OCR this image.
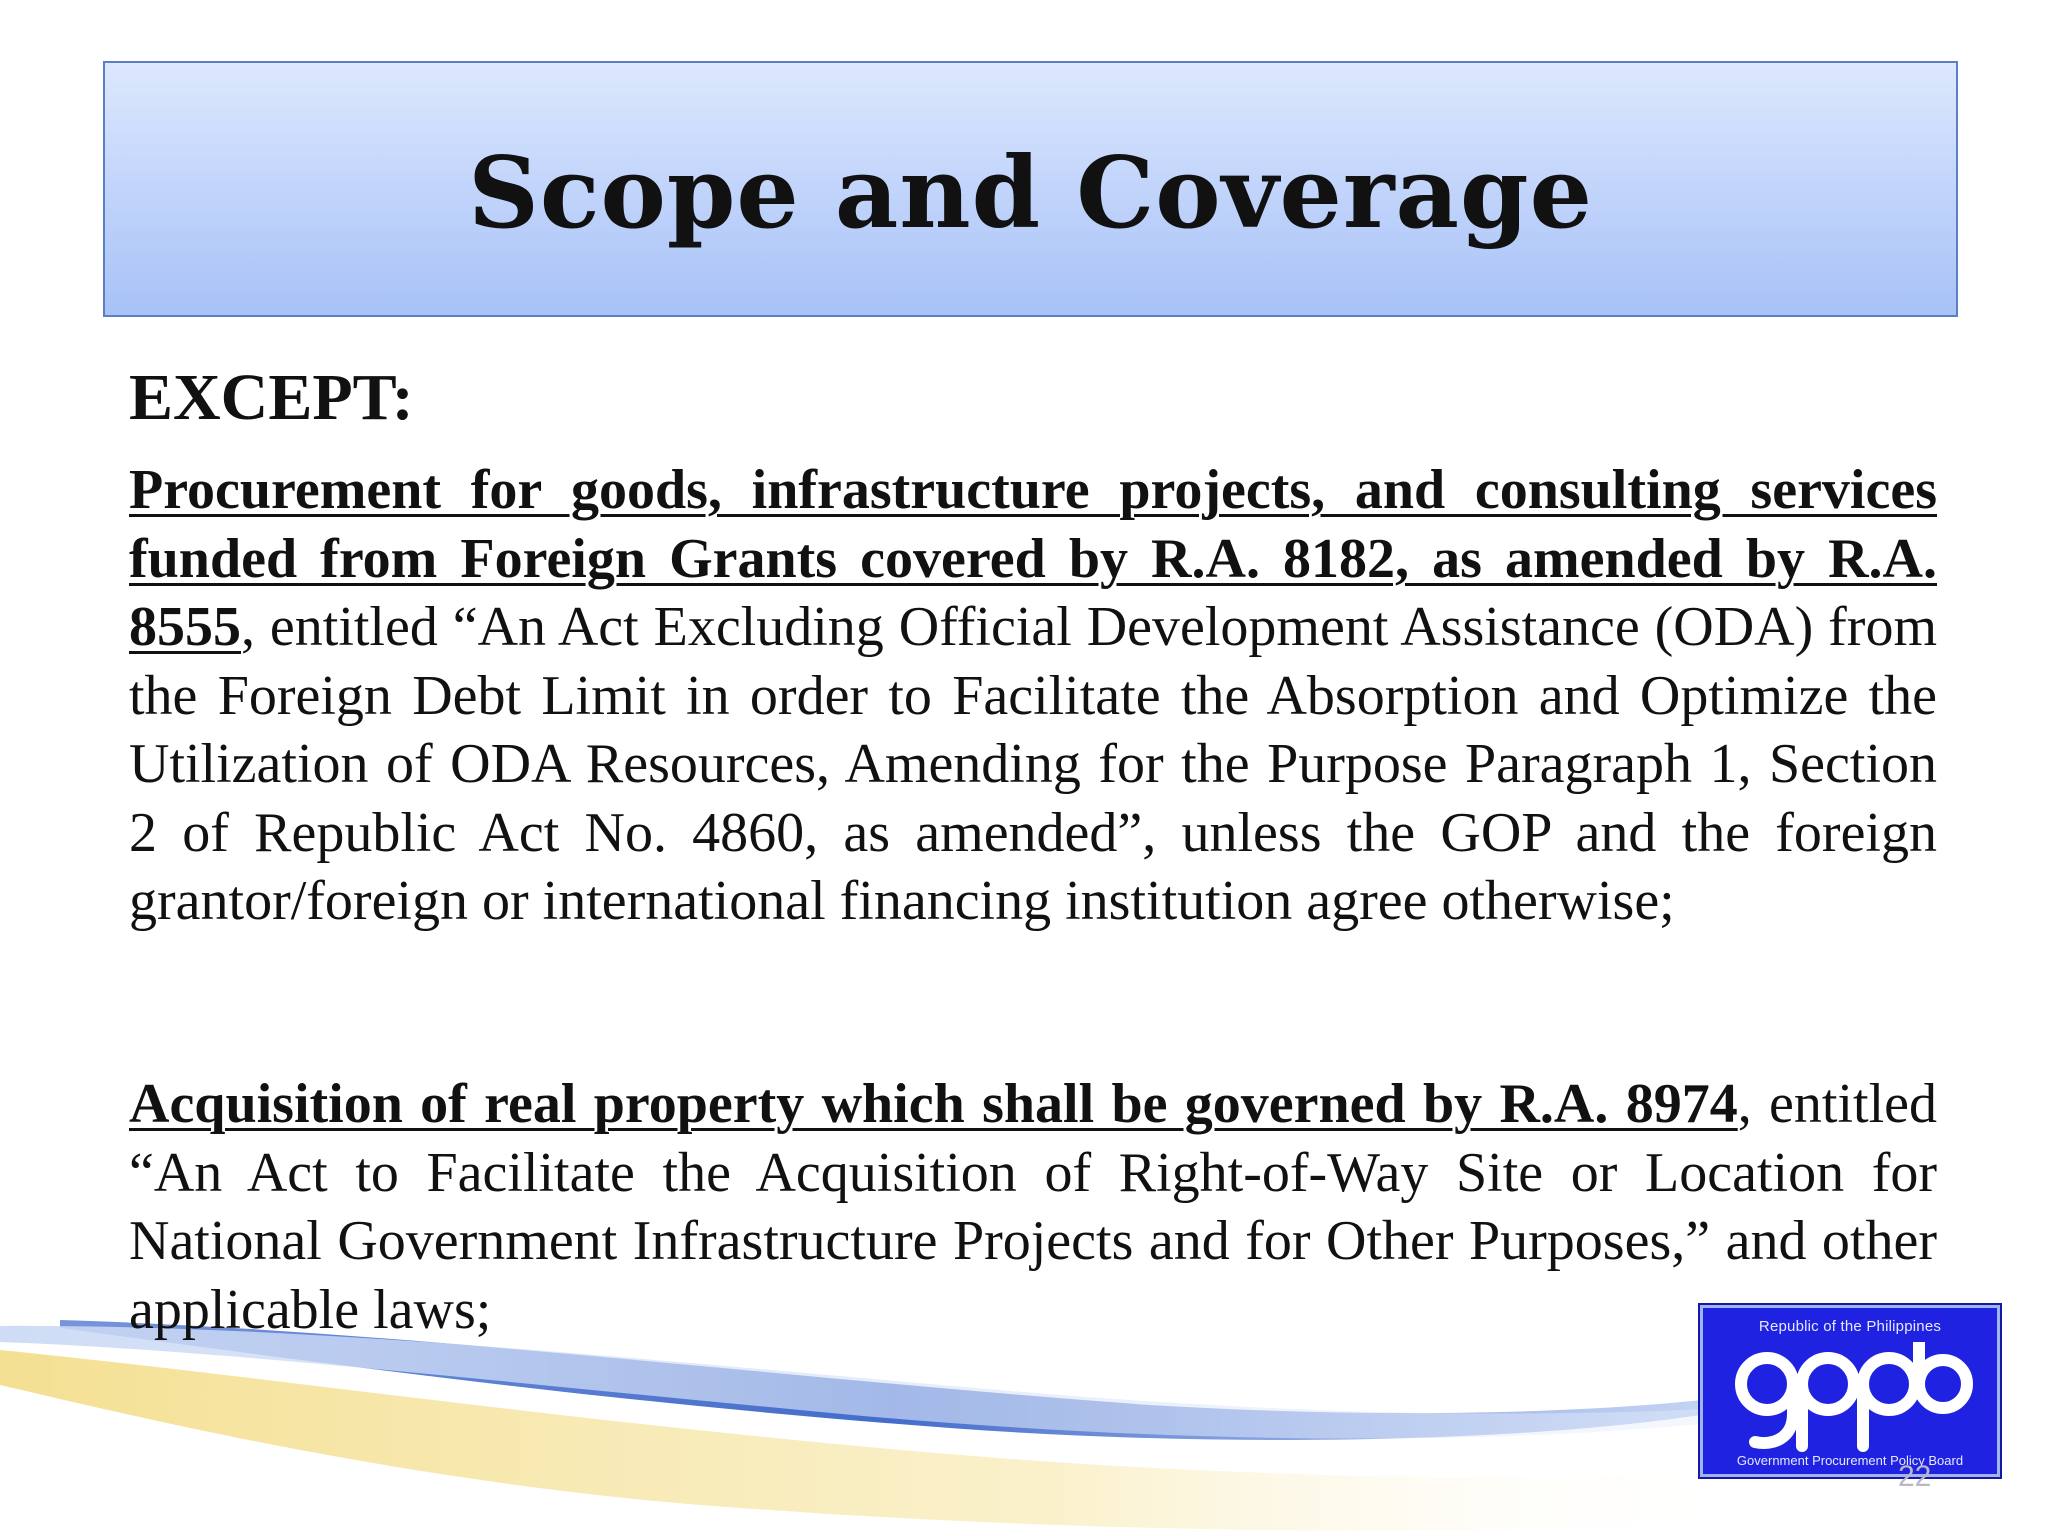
Scope and Coverage
EXCEPT:

Procurement for goods, infrastructure projects, and consulting services funded from Foreign Grants covered by R.A. 8182, as amended by R.A. 8555, entitled “An Act Excluding Official Development Assistance (ODA) from the Foreign Debt Limit in order to Facilitate the Absorption and Optimize the Utilization of ODA Resources, Amending for the Purpose Paragraph 1, Section 2 of Republic Act No. 4860, as amended”, unless the GOP and the foreign grantor/foreign or international financing institution agree otherwise;

Acquisition of real property which shall be governed by R.A. 8974, entitled “An Act to Facilitate the Acquisition of Right-of-Way Site or Location for National Government Infrastructure Projects and for Other Purposes,” and other applicable laws;	Republic of the Philippines
Government Procurement Policy Board
22
